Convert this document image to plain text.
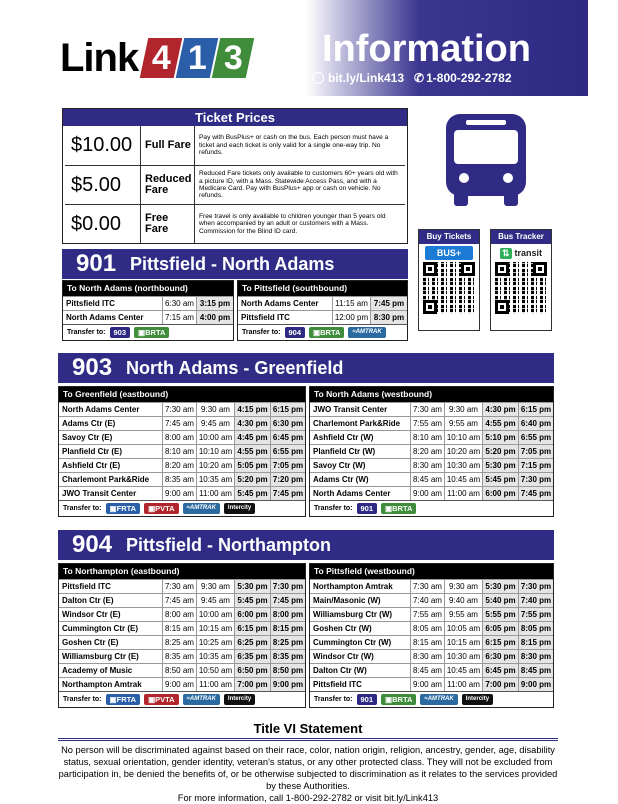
Link 4 1 3 Information
bit.ly/Link413 ✆ 1-800-292-2782
Ticket Prices
$10.00	Full Fare
Pay with BusPlus+ or cash on the bus. Each person must have a ticket and each ticket is only valid for a single one-way trip. No refunds.
$5.00	Reduced Fare
Reduced Fare tickets only available to customers 60+ years old with a picture ID, with a Mass. Statewide Access Pass, and with a Medicare Card. Pay with BusPlus+ app or cash on vehicle. No refunds.
$0.00	Free Fare
Free travel is only available to children younger than 5 years old when accompanied by an adult or customers with a Mass. Commission for the Blind ID card.
Buy Tickets
BUS+
Bus Tracker
⇅ transit
901 Pittsfield - North Adams
To North Adams (northbound)
Pittsfield ITC	6:30 am 3:15 pm
North Adams Center	7:15 am 4:00 pm
Transfer to: 903 ▣ BRTA
To Pittsfield (southbound)
North Adams Center	11:15 am 7:45 pm
Pittsfield ITC	12:00 pm 8:30 pm
Transfer to: 904 ▣ BRTA ≈ AMTRAK
903 North Adams - Greenfield
To Greenfield (eastbound)
North Adams Center	7:30 am 9:30 am 4:15 pm 6:15 pm
Adams Ctr (E)	7:45 am 9:45 am 4:30 pm 6:30 pm
Savoy Ctr (E)	8:00 am 10:00 am 4:45 pm 6:45 pm
Planfield Ctr (E)	8:10 am 10:10 am 4:55 pm 6:55 pm
Ashfield Ctr (E)	8:20 am 10:20 am 5:05 pm 7:05 pm
Charlemont Park&Ride	8:35 am 10:35 am 5:20 pm 7:20 pm
JWO Transit Center	9:00 am 11:00 am 5:45 pm 7:45 pm
Transfer to: ▣ FRTA ▣ PVTA ≈ AMTRAK Intercity
To North Adams (westbound)
JWO Transit Center	7:30 am 9:30 am 4:30 pm 6:15 pm
Charlemont Park&Ride	7:55 am 9:55 am 4:55 pm 6:40 pm
Ashfield Ctr (W)	8:10 am 10:10 am 5:10 pm 6:55 pm
Planfield Ctr (W)	8:20 am 10:20 am 5:20 pm 7:05 pm
Savoy Ctr (W)	8:30 am 10:30 am 5:30 pm 7:15 pm
Adams Ctr (W)	8:45 am 10:45 am 5:45 pm 7:30 pm
North Adams Center	9:00 am 11:00 am 6:00 pm 7:45 pm
Transfer to: 901 ▣ BRTA
904 Pittsfield - Northampton
To Northampton (eastbound)
Pittsfield ITC	7:30 am 9:30 am 5:30 pm 7:30 pm
Dalton Ctr (E)	7:45 am 9:45 am 5:45 pm 7:45 pm
Windsor Ctr (E)	8:00 am 10:00 am 6:00 pm 8:00 pm
Cummington Ctr (E)	8:15 am 10:15 am 6:15 pm 8:15 pm
Goshen Ctr (E)	8:25 am 10:25 am 6:25 pm 8:25 pm
Williamsburg Ctr (E)	8:35 am 10:35 am 6:35 pm 8:35 pm
Academy of Music	8:50 am 10:50 am 6:50 pm 8:50 pm
Northampton Amtrak	9:00 am 11:00 am 7:00 pm 9:00 pm
Transfer to: ▣ FRTA ▣ PVTA ≈ AMTRAK Intercity
To Pittsfield (westbound)
Northampton Amtrak	7:30 am 9:30 am 5:30 pm 7:30 pm
Main/Masonic (W)	7:40 am 9:40 am 5:40 pm 7:40 pm
Williamsburg Ctr (W)	7:55 am 9:55 am 5:55 pm 7:55 pm
Goshen Ctr (W)	8:05 am 10:05 am 6:05 pm 8:05 pm
Cummington Ctr (W)	8:15 am 10:15 am 6:15 pm 8:15 pm
Windsor Ctr (W)	8:30 am 10:30 am 6:30 pm 8:30 pm
Dalton Ctr (W)	8:45 am 10:45 am 6:45 pm 8:45 pm
Pittsfield ITC	9:00 am 11:00 am 7:00 pm 9:00 pm
Transfer to: 901 ▣ BRTA ≈ AMTRAK Intercity
Title VI Statement
No person will be discriminated against based on their race, color, nation origin, religion, ancestry, gender, age, disability status, sexual orientation, gender identity, veteran's status, or any other protected class. They will not be excluded from participation in, be denied the benefits of, or be otherwise subjected to discrimination as it relates to the services provided by these Authorities.
For more information, call 1-800-292-2782 or visit bit.ly/Link413
